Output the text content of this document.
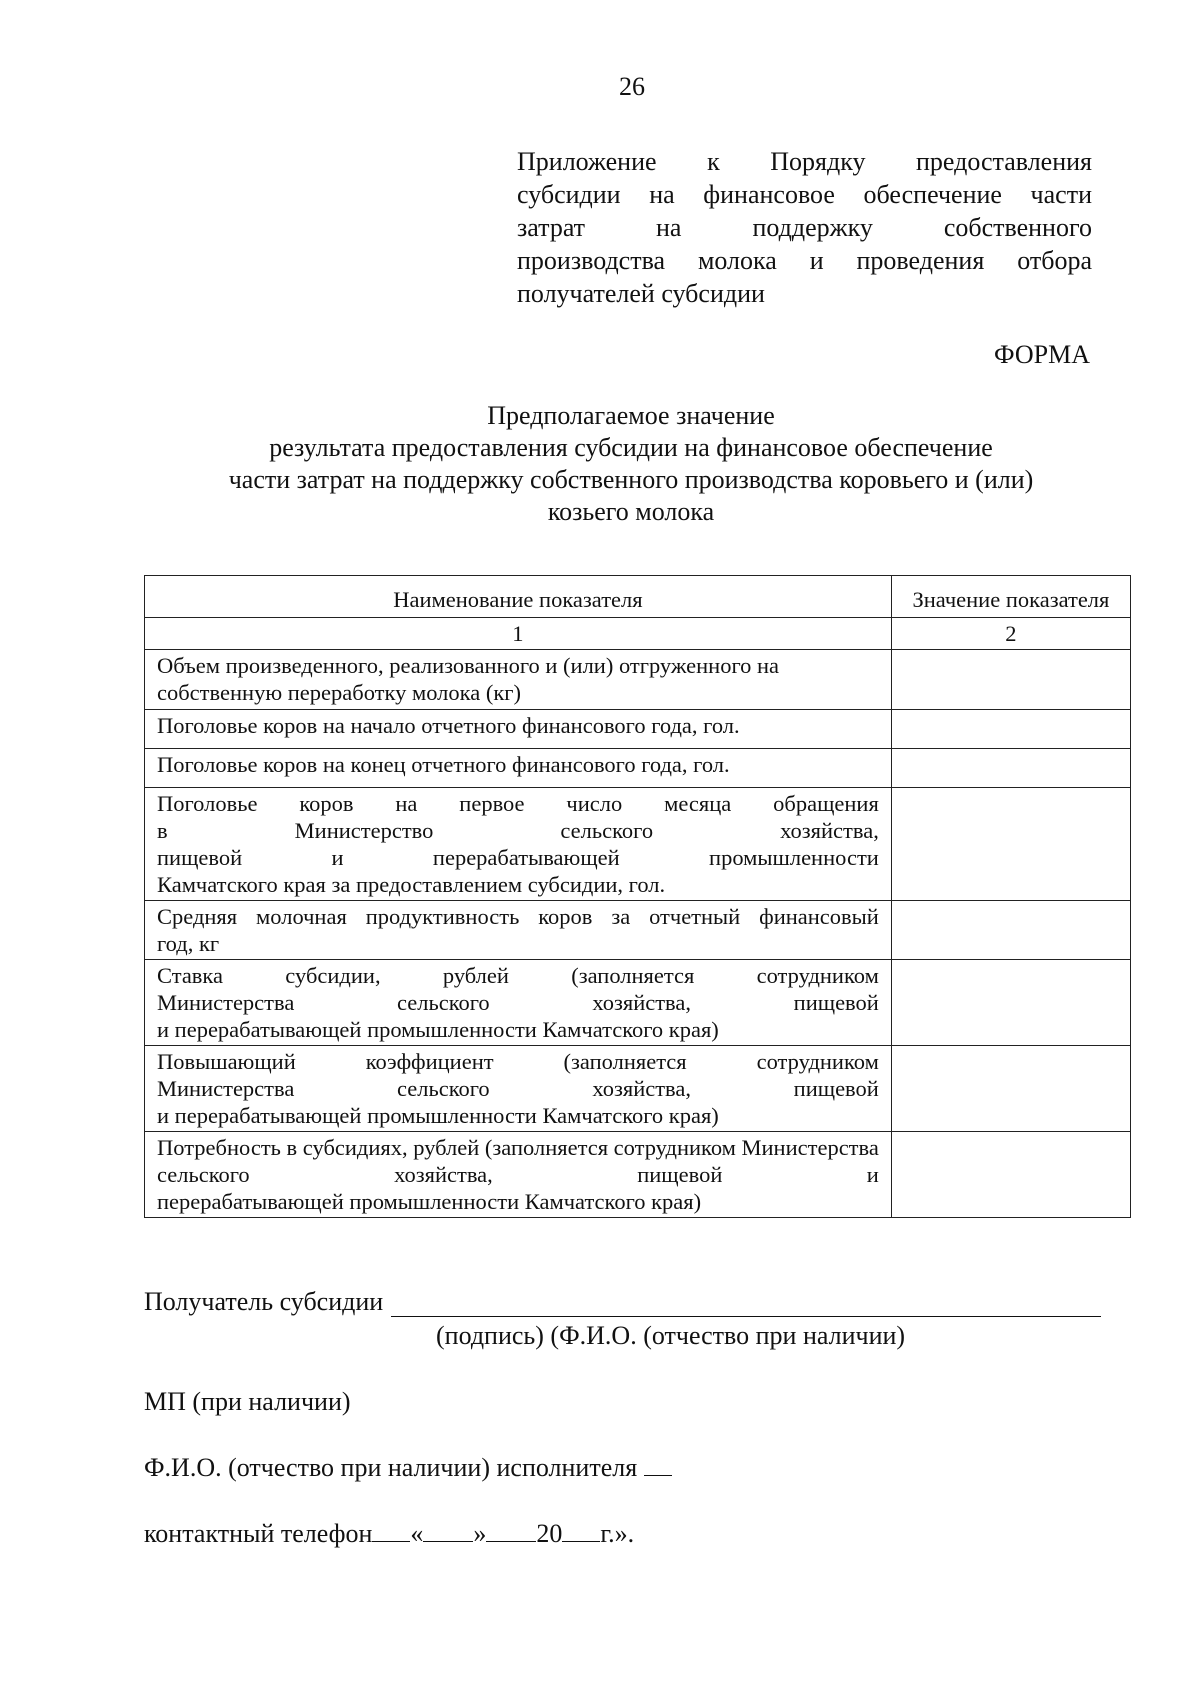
26
Приложение к Порядку предоставления
субсидии на финансовое обеспечение части
затрат на поддержку собственного
производства молока и проведения отбора
получателей субсидии
ФОРМА
Предполагаемое значение
результата предоставления субсидии на финансовое обеспечение
части затрат на поддержку собственного производства коровьего и (или)
козьего молока
Наименование показателя	Значение показателя
1	2

Объем произведенного, реализованного и (или) отгруженного на
собственную переработку молока (кг)	

Поголовье коров на начало отчетного финансового года, гол.	

Поголовье коров на конец отчетного финансового года, гол.	

Поголовье коров на первое число месяца обращения
в Министерство сельского хозяйства,
пищевой и перерабатывающей промышленности
Камчатского края за предоставлением субсидии, гол.	

Средняя молочная продуктивность коров за отчетный финансовый
год, кг	

Ставка субсидии, рублей (заполняется сотрудником
Министерства сельского хозяйства, пищевой
и перерабатывающей промышленности Камчатского края)	

Повышающий коэффициент (заполняется сотрудником
Министерства сельского хозяйства, пищевой
и перерабатывающей промышленности Камчатского края)	

Потребность в субсидиях, рублей (заполняется сотрудником Министерства
сельского хозяйства, пищевой и
перерабатывающей промышленности Камчатского края)	

Получатель субсидии
(подпись) (Ф.И.О. (отчество при наличии)
МП (при наличии)
Ф.И.О. (отчество при наличии) исполнителя
контактный телефон « » 20 г.».
